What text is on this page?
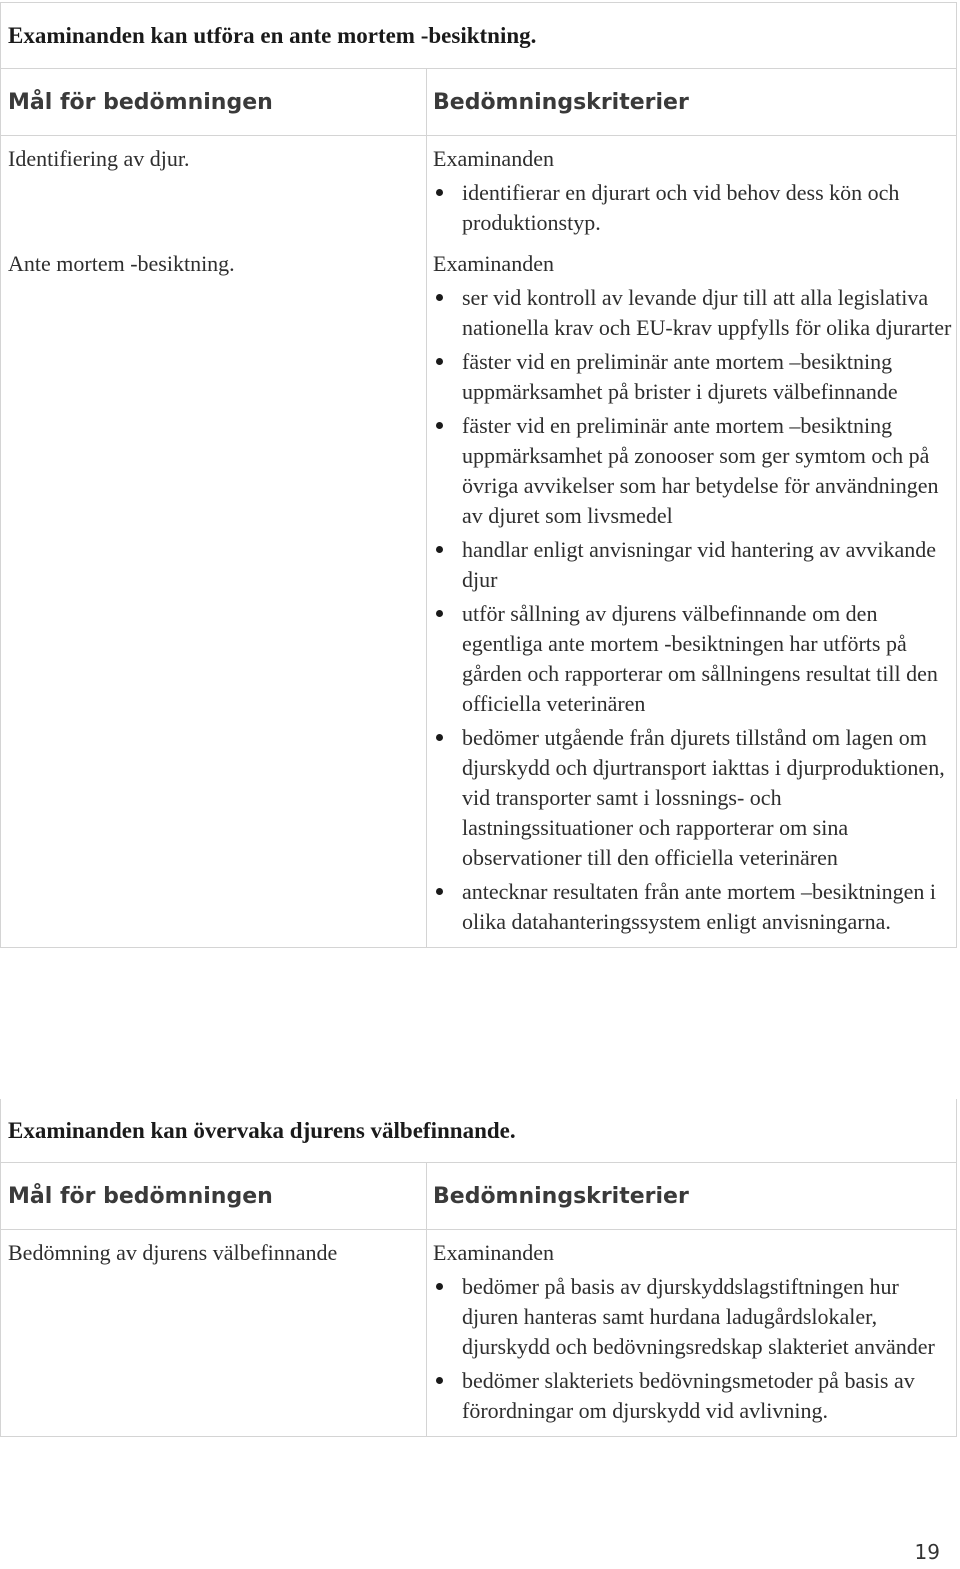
Examinanden kan utföra en ante mortem -besiktning.
Mål för bedömningen	Bedömningskriterier
Identifiering av djur.	Examinanden
identifierar en djurart och vid behov dess kön och produktionstyp.
Ante mortem -besiktning.	Examinanden
ser vid kontroll av levande djur till att alla legislativa nationella krav och EU-krav uppfylls för olika djurarter
fäster vid en preliminär ante mortem –besiktning uppmärksamhet på brister i djurets välbefinnande
fäster vid en preliminär ante mortem –besiktning uppmärksamhet på zonooser som ger symtom och på övriga avvikelser som har betydelse för användningen av djuret som livsmedel
handlar enligt anvisningar vid hantering av avvikande djur
utför sållning av djurens välbefinnande om den egentliga ante mortem -besiktningen har utförts på gården och rapporterar om sållningens resultat till den officiella veterinären
bedömer utgående från djurets tillstånd om lagen om djurskydd och djurtransport iakttas i djurproduktionen, vid transporter samt i lossnings- och lastningssituationer och rapporterar om sina observationer till den officiella veterinären
antecknar resultaten från ante mortem –besiktningen i olika datahanteringssystem enligt anvisningarna.
Examinanden kan övervaka djurens välbefinnande.
Mål för bedömningen	Bedömningskriterier
Bedömning av djurens välbefinnande	Examinanden
bedömer på basis av djurskyddslagstiftningen hur djuren hanteras samt hurdana ladugårdslokaler, djurskydd och bedövningsredskap slakteriet använder
bedömer slakteriets bedövningsmetoder på basis av förordningar om djurskydd vid avlivning.
19
